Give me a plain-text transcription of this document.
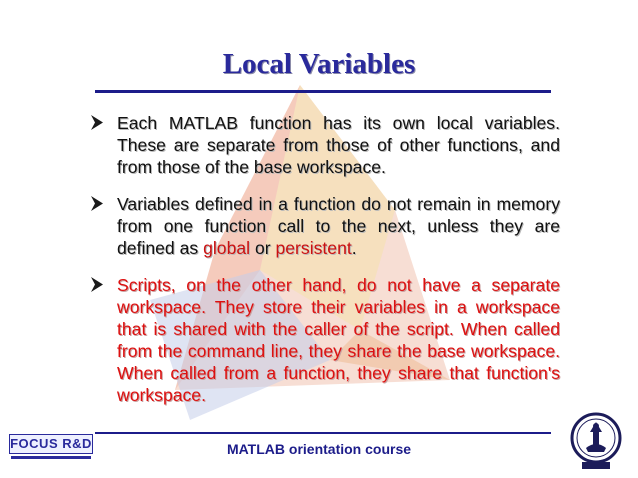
Local Variables
Each MATLAB function has its own local variables. These are separate from those of other functions, and from those of the base workspace.
Variables defined in a function do not remain in memory from one function call to the next, unless they are defined as global or persistent.
Scripts, on the other hand, do not have a separate workspace. They store their variables in a workspace that is shared with the caller of the script. When called from the command line, they share the base workspace. When called from a function, they share that function's workspace.
MATLAB orientation course
FOCUS R&D
